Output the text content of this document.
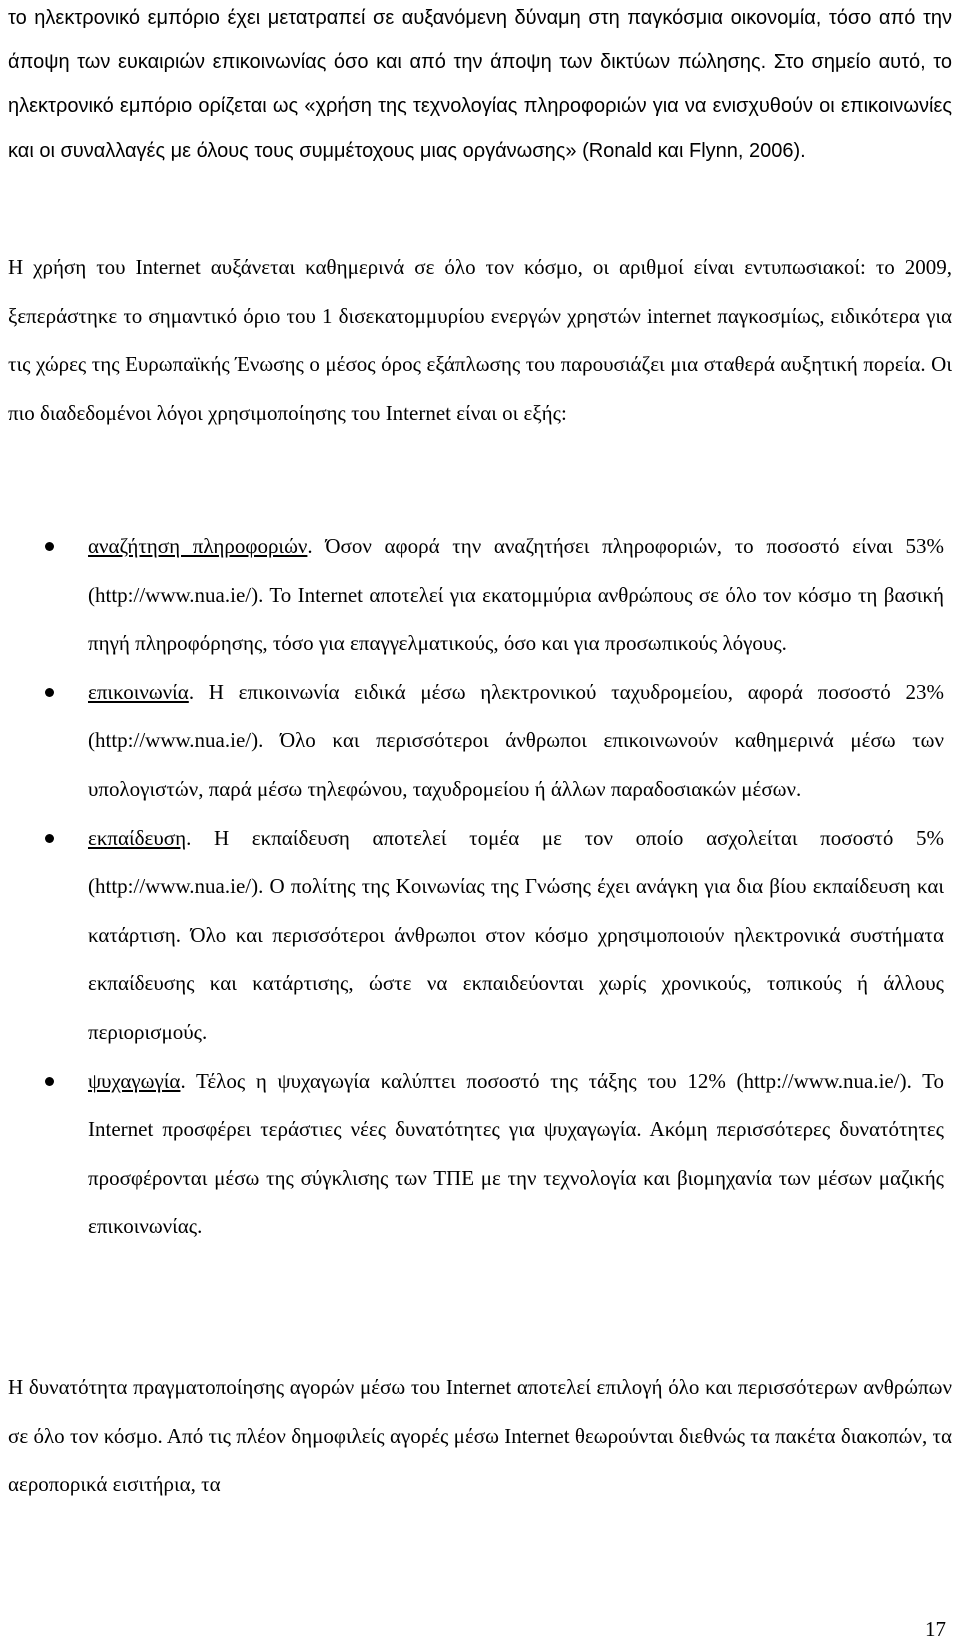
το ηλεκτρονικό εμπόριο έχει μετατραπεί σε αυξανόμενη δύναμη στη παγκόσμια οικονομία, τόσο από την άποψη των ευκαιριών επικοινωνίας όσο και από την άποψη των δικτύων πώλησης. Στο σημείο αυτό, το ηλεκτρονικό εμπόριο ορίζεται ως «χρήση της τεχνολογίας πληροφοριών για να ενισχυθούν οι επικοινωνίες και οι συναλλαγές με όλους τους συμμέτοχους μιας οργάνωσης» (Ronald και Flynn, 2006).

Η χρήση του Internet αυξάνεται καθημερινά σε όλο τον κόσμο, οι αριθμοί είναι εντυπωσιακοί: το 2009, ξεπεράστηκε το σημαντικό όριο του 1 δισεκατομμυρίου ενεργών χρηστών internet παγκοσμίως, ειδικότερα για τις χώρες της Ευρωπαϊκής Ένωσης ο μέσος όρος εξάπλωσης του παρουσιάζει μια σταθερά αυξητική πορεία. Οι πιο διαδεδομένοι λόγοι χρησιμοποίησης του Internet είναι οι εξής:

αναζήτηση πληροφοριών. Όσον αφορά την αναζητήσει πληροφοριών, το ποσοστό είναι 53% (http://www.nua.ie/). Το Internet αποτελεί για εκατομμύρια ανθρώπους σε όλο τον κόσμο τη βασική πηγή πληροφόρησης, τόσο για επαγγελματικούς, όσο και για προσωπικούς λόγους.
επικοινωνία. Η επικοινωνία ειδικά μέσω ηλεκτρονικού ταχυδρομείου, αφορά ποσοστό 23% (http://www.nua.ie/). Όλο και περισσότεροι άνθρωποι επικοινωνούν καθημερινά μέσω των υπολογιστών, παρά μέσω τηλεφώνου, ταχυδρομείου ή άλλων παραδοσιακών μέσων.
εκπαίδευση. Η εκπαίδευση αποτελεί τομέα με τον οποίο ασχολείται ποσοστό 5% (http://www.nua.ie/). Ο πολίτης της Κοινωνίας της Γνώσης έχει ανάγκη για δια βίου εκπαίδευση και κατάρτιση. Όλο και περισσότεροι άνθρωποι στον κόσμο χρησιμοποιούν ηλεκτρονικά συστήματα εκπαίδευσης και κατάρτισης, ώστε να εκπαιδεύονται χωρίς χρονικούς, τοπικούς ή άλλους περιορισμούς.
ψυχαγωγία. Τέλος η ψυχαγωγία καλύπτει ποσοστό της τάξης του 12% (http://www.nua.ie/). Το Internet προσφέρει τεράστιες νέες δυνατότητες για ψυχαγωγία. Ακόμη περισσότερες δυνατότητες προσφέρονται μέσω της σύγκλισης των ΤΠΕ με την τεχνολογία και βιομηχανία των μέσων μαζικής επικοινωνίας.

Η δυνατότητα πραγματοποίησης αγορών μέσω του Internet αποτελεί επιλογή όλο και περισσότερων ανθρώπων σε όλο τον κόσμο. Από τις πλέον δημοφιλείς αγορές μέσω Internet θεωρούνται διεθνώς τα πακέτα διακοπών, τα αεροπορικά εισιτήρια, τα

17
